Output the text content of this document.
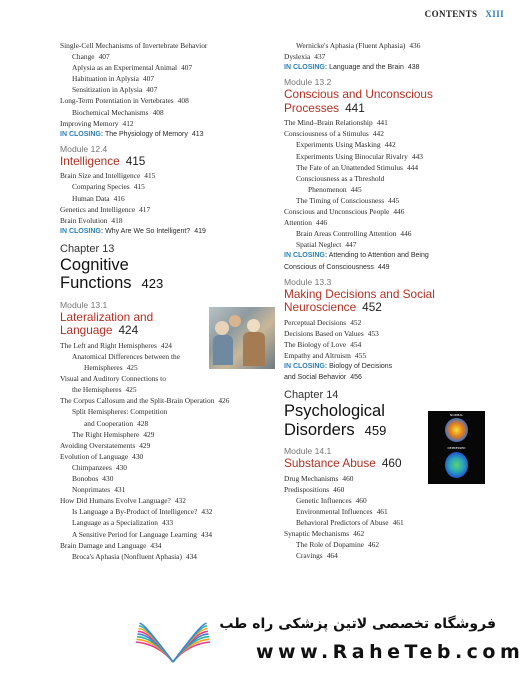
CONTENTS XIII
Single-Cell Mechanisms of Invertebrate Behavior
Change 407
Aplysia as an Experimental Animal 407
Habituation in Aplysia 407
Sensitization in Aplysia 407
Long-Term Potentiation in Vertebrates 408
Biochemical Mechanisms 408
Improving Memory 412
IN CLOSING: The Physiology of Memory 413
Module 12.4
Intelligence 415
Brain Size and Intelligence 415
Comparing Species 415
Human Data 416
Genetics and Intelligence 417
Brain Evolution 418
IN CLOSING: Why Are We So Intelligent? 419
Chapter 13
Cognitive
Functions 423
Module 13.1
Lateralization and
Language 424
The Left and Right Hemispheres 424
Anatomical Differences between the
Hemispheres 425
Visual and Auditory Connections to
the Hemispheres 425
The Corpus Callosum and the Split-Brain Operation 426
Split Hemispheres: Competition
and Cooperation 428
The Right Hemisphere 429
Avoiding Overstatements 429
Evolution of Language 430
Chimpanzees 430
Bonobos 430
Nonprimates 431
How Did Humans Evolve Language? 432
Is Language a By-Product of Intelligence? 432
Language as a Specialization 433
A Sensitive Period for Language Learning 434
Brain Damage and Language 434
Broca's Aphasia (Nonfluent Aphasia) 434
Wernicke's Aphasia (Fluent Aphasia) 436
Dyslexia 437
IN CLOSING: Language and the Brain 438
Module 13.2
Conscious and Unconscious
Processes 441
The Mind–Brain Relationship 441
Consciousness of a Stimulus 442
Experiments Using Masking 442
Experiments Using Binocular Rivalry 443
The Fate of an Unattended Stimulus 444
Consciousness as a Threshold
Phenomenon 445
The Timing of Consciousness 445
Conscious and Unconscious People 446
Attention 446
Brain Areas Controlling Attention 446
Spatial Neglect 447
IN CLOSING: Attending to Attention and Being
Conscious of Consciousness 449
Module 13.3
Making Decisions and Social
Neuroscience 452
Perceptual Decisions 452
Decisions Based on Values 453
The Biology of Love 454
Empathy and Altruism 455
IN CLOSING: Biology of Decisions
and Social Behavior 456
Chapter 14
Psychological
Disorders 459
Module 14.1
Substance Abuse 460
Drug Mechanisms 460
Predispositions 460
Genetic Influences 460
Environmental Influences 461
Behavioral Predictors of Abuse 461
Synaptic Mechanisms 462
The Role of Dopamine 462
Cravings 464
NORMAL
DEPRESSED
فروشگاه تخصصی لاتین پزشکی راه طب
www.RaheTeb.com
